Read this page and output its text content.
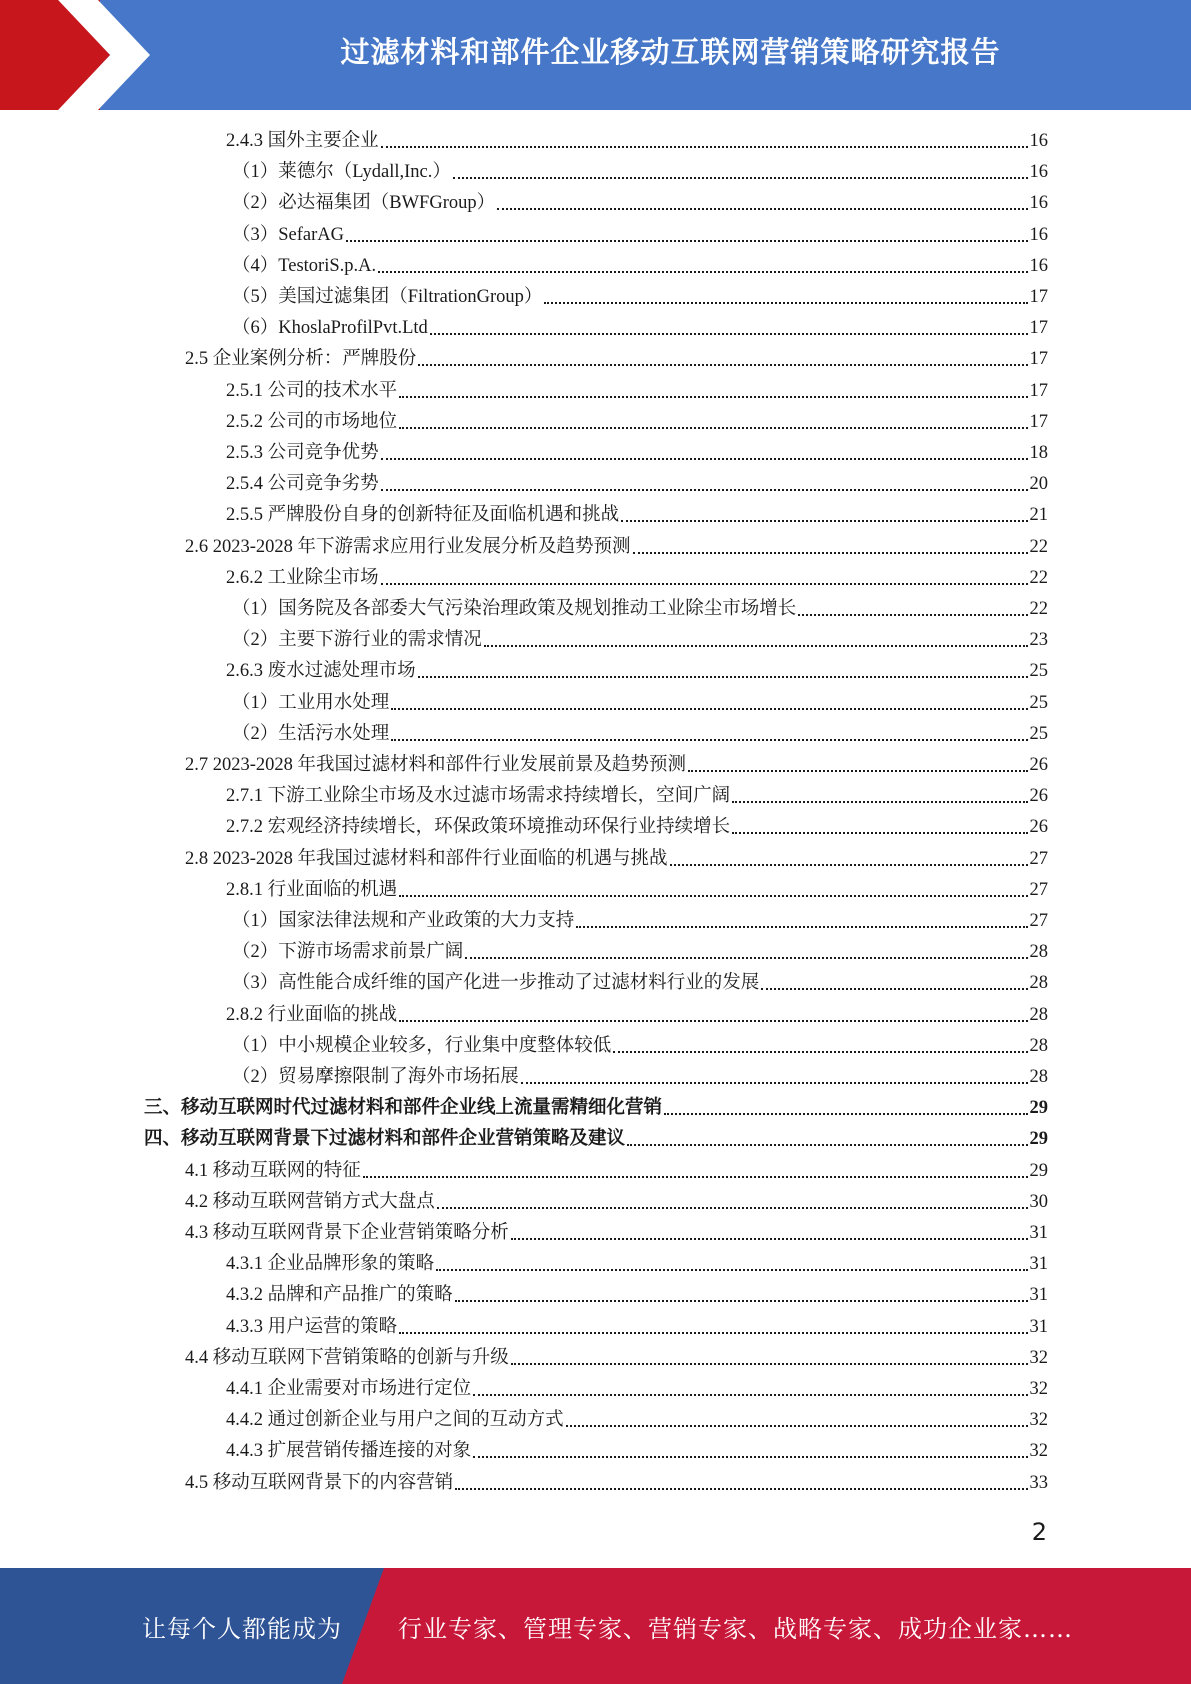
过滤材料和部件企业移动互联网营销策略研究报告
2.4.3 国外主要企业	16
（1）莱德尔（Lydall,Inc.）	16
（2）必达福集团（BWFGroup）	16
（3）SefarAG	16
（4）TestoriS.p.A.	16
（5）美国过滤集团（FiltrationGroup）	17
（6）KhoslaProfilPvt.Ltd	17
2.5 企业案例分析：严牌股份	17
2.5.1 公司的技术水平	17
2.5.2 公司的市场地位	17
2.5.3 公司竞争优势	18
2.5.4 公司竞争劣势	20
2.5.5 严牌股份自身的创新特征及面临机遇和挑战	21
2.6 2023-2028 年下游需求应用行业发展分析及趋势预测	22
2.6.2 工业除尘市场	22
（1）国务院及各部委大气污染治理政策及规划推动工业除尘市场增长	22
（2）主要下游行业的需求情况	23
2.6.3 废水过滤处理市场	25
（1）工业用水处理	25
（2）生活污水处理	25
2.7 2023-2028 年我国过滤材料和部件行业发展前景及趋势预测	26
2.7.1 下游工业除尘市场及水过滤市场需求持续增长，空间广阔	26
2.7.2 宏观经济持续增长，环保政策环境推动环保行业持续增长	26
2.8 2023-2028 年我国过滤材料和部件行业面临的机遇与挑战	27
2.8.1 行业面临的机遇	27
（1）国家法律法规和产业政策的大力支持	27
（2）下游市场需求前景广阔	28
（3）高性能合成纤维的国产化进一步推动了过滤材料行业的发展	28
2.8.2 行业面临的挑战	28
（1）中小规模企业较多，行业集中度整体较低	28
（2）贸易摩擦限制了海外市场拓展	28
三、移动互联网时代过滤材料和部件企业线上流量需精细化营销	29
四、移动互联网背景下过滤材料和部件企业营销策略及建议	29
4.1 移动互联网的特征	29
4.2 移动互联网营销方式大盘点	30
4.3 移动互联网背景下企业营销策略分析	31
4.3.1 企业品牌形象的策略	31
4.3.2 品牌和产品推广的策略	31
4.3.3 用户运营的策略	31
4.4 移动互联网下营销策略的创新与升级	32
4.4.1 企业需要对市场进行定位	32
4.4.2 通过创新企业与用户之间的互动方式	32
4.4.3 扩展营销传播连接的对象	32
4.5 移动互联网背景下的内容营销	33
2
让每个人都能成为 行业专家、管理专家、营销专家、战略专家、成功企业家……
